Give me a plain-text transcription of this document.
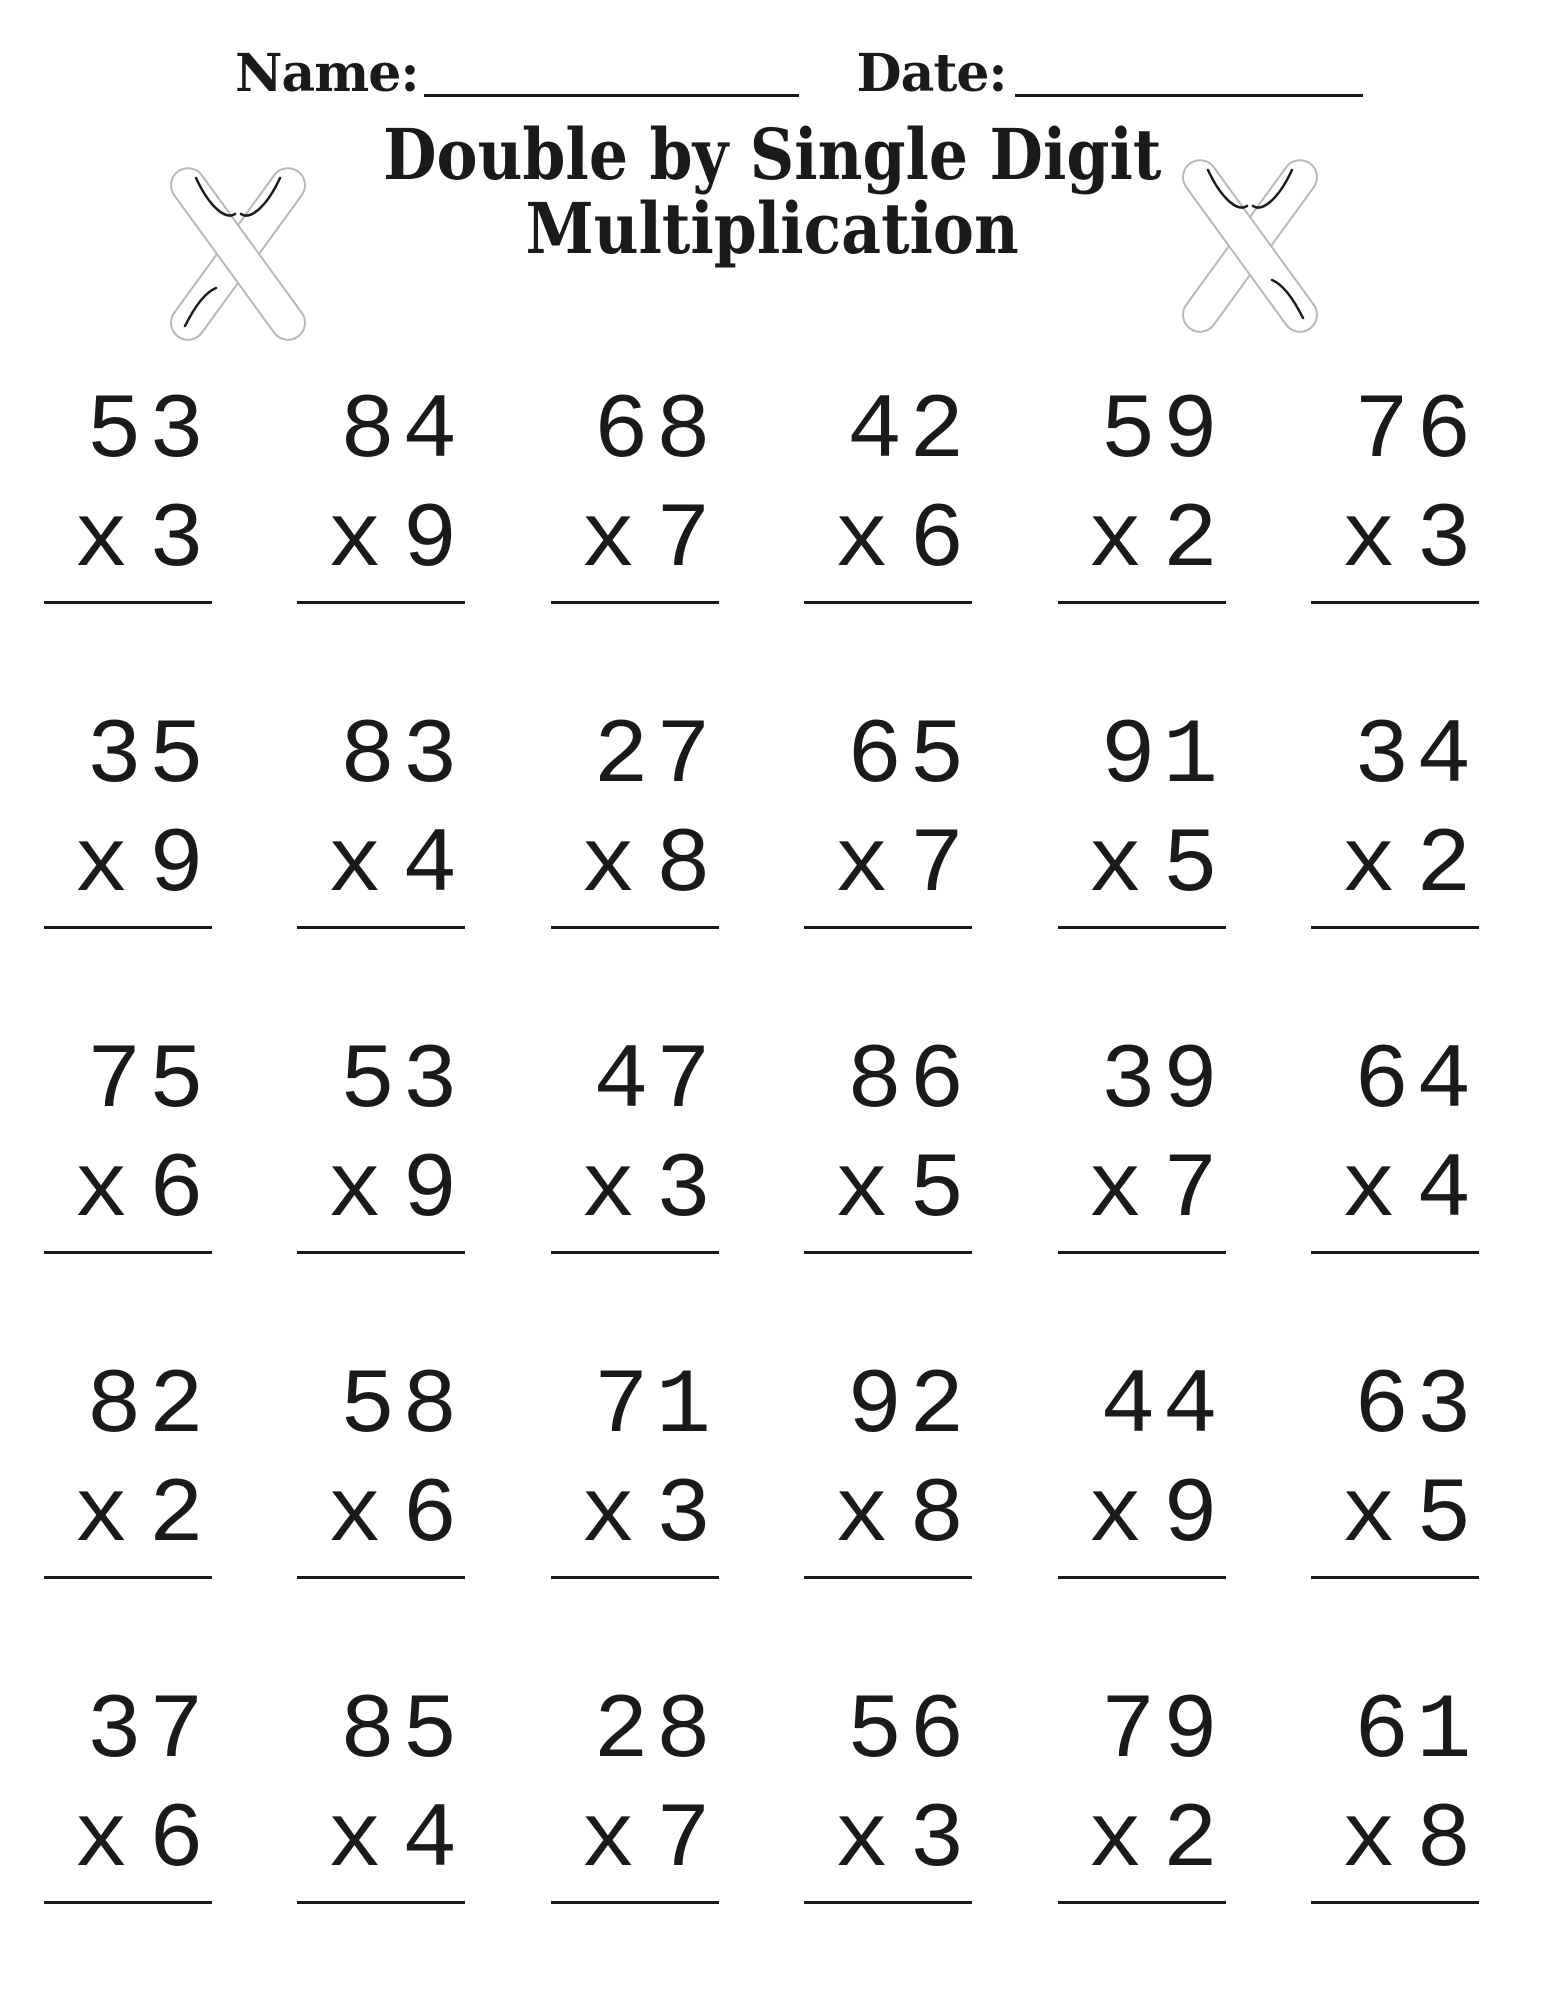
Name:	Date:
Double by Single Digit
Multiplication
53
x 3
84
x 9
68
x 7
42
x 6
59
x 2
76
x 3
35
x 9
83
x 4
27
x 8
65
x 7
91
x 5
34
x 2
75
x 6
53
x 9
47
x 3
86
x 5
39
x 7
64
x 4
82
x 2
58
x 6
71
x 3
92
x 8
44
x 9
63
x 5
37
x 6
85
x 4
28
x 7
56
x 3
79
x 2
61
x 8
